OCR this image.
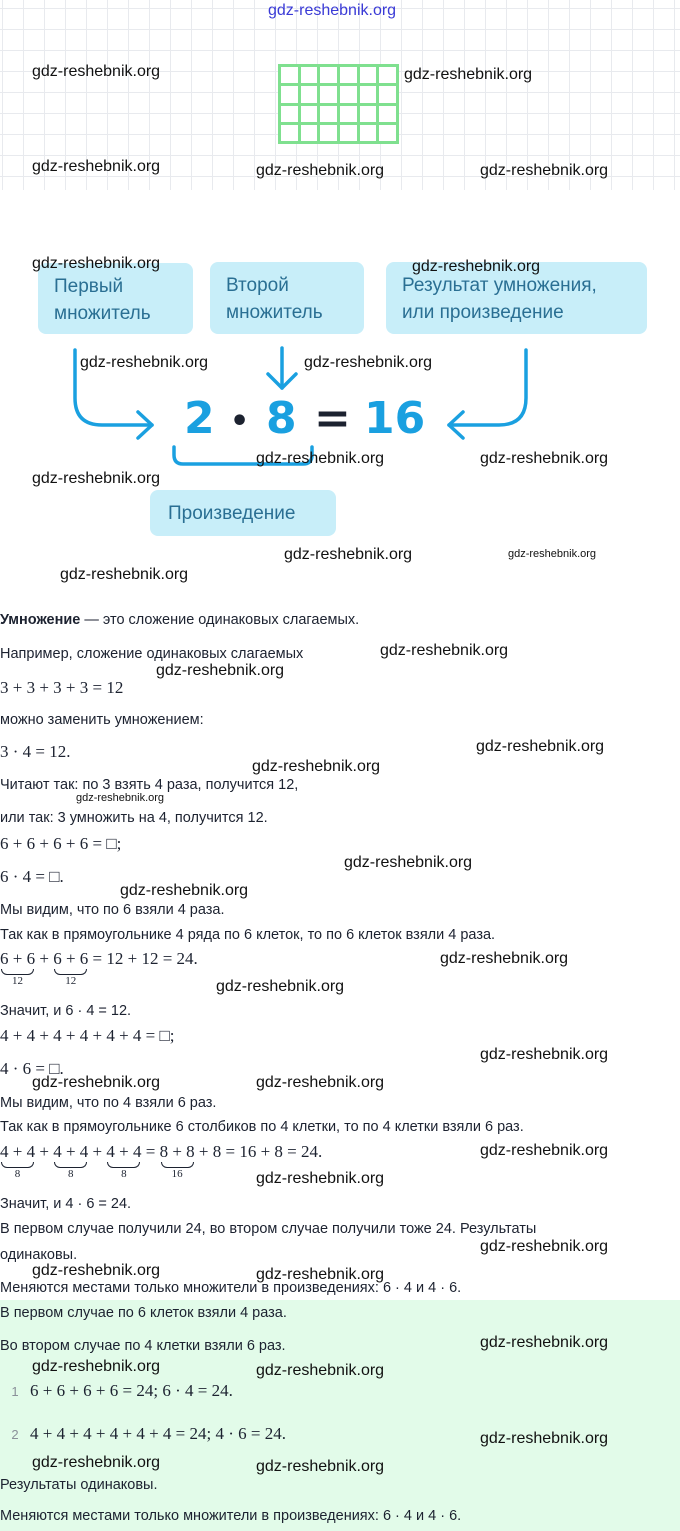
Первый
множитель
Второй
множитель
Результат умножения,
или произведение
2 • 8 = 16
Произведение
Умножение — это сложение одинаковых слагаемых.
Например, сложение одинаковых слагаемых
3 + 3 + 3 + 3 = 12
можно заменить умножением:
3 · 4 = 12.
Читают так: по 3 взять 4 раза, получится 12,
или так: 3 умножить на 4, получится 12.
6 + 6 + 6 + 6 = □;
6 · 4 = □.
Мы видим, что по 6 взяли 4 раза.
Так как в прямоугольнике 4 ряда по 6 клеток, то по 6 клеток взяли 4 раза.
6 + 6
12
+ 6 + 6
12
= 12 + 12 = 24.
Значит, и 6 · 4 = 12.
4 + 4 + 4 + 4 + 4 + 4 = □;
4 · 6 = □.
Мы видим, что по 4 взяли 6 раз.
Так как в прямоугольнике 6 столбиков по 4 клетки, то по 4 клетки взяли 6 раз.
4 + 4
8
+ 4 + 4
8
+ 4 + 4
8
= 8 + 8
16
+ 8 = 16 + 8 = 24.
Значит, и 4 · 6 = 24.
В первом случае получили 24, во втором случае получили тоже 24. Результаты
одинаковы.
Меняются местами только множители в произведениях: 6 · 4 и 4 · 6.
В первом случае по 6 клеток взяли 4 раза.
Во втором случае по 4 клетки взяли 6 раз.
1 6 + 6 + 6 + 6 = 24; 6 · 4 = 24.
2 4 + 4 + 4 + 4 + 4 + 4 = 24; 4 · 6 = 24.
Результаты одинаковы.
Меняются местами только множители в произведениях: 6 · 4 и 4 · 6.
gdz-reshebnik.org
gdz-reshebnik.org	gdz-reshebnik.org
gdz-reshebnik.org	gdz-reshebnik.org	gdz-reshebnik.org
gdz-reshebnik.org	gdz-reshebnik.org
gdz-reshebnik.org	gdz-reshebnik.org
gdz-reshebnik.org	gdz-reshebnik.org
gdz-reshebnik.org
gdz-reshebnik.org	gdz-reshebnik.org
gdz-reshebnik.org
gdz-reshebnik.org
gdz-reshebnik.org
gdz-reshebnik.org
gdz-reshebnik.org
gdz-reshebnik.org
gdz-reshebnik.org
gdz-reshebnik.org
gdz-reshebnik.org
gdz-reshebnik.org
gdz-reshebnik.org
gdz-reshebnik.org	gdz-reshebnik.org
gdz-reshebnik.org
gdz-reshebnik.org
gdz-reshebnik.org
gdz-reshebnik.org	gdz-reshebnik.org
gdz-reshebnik.org
gdz-reshebnik.org	gdz-reshebnik.org
gdz-reshebnik.org
gdz-reshebnik.org	gdz-reshebnik.org
